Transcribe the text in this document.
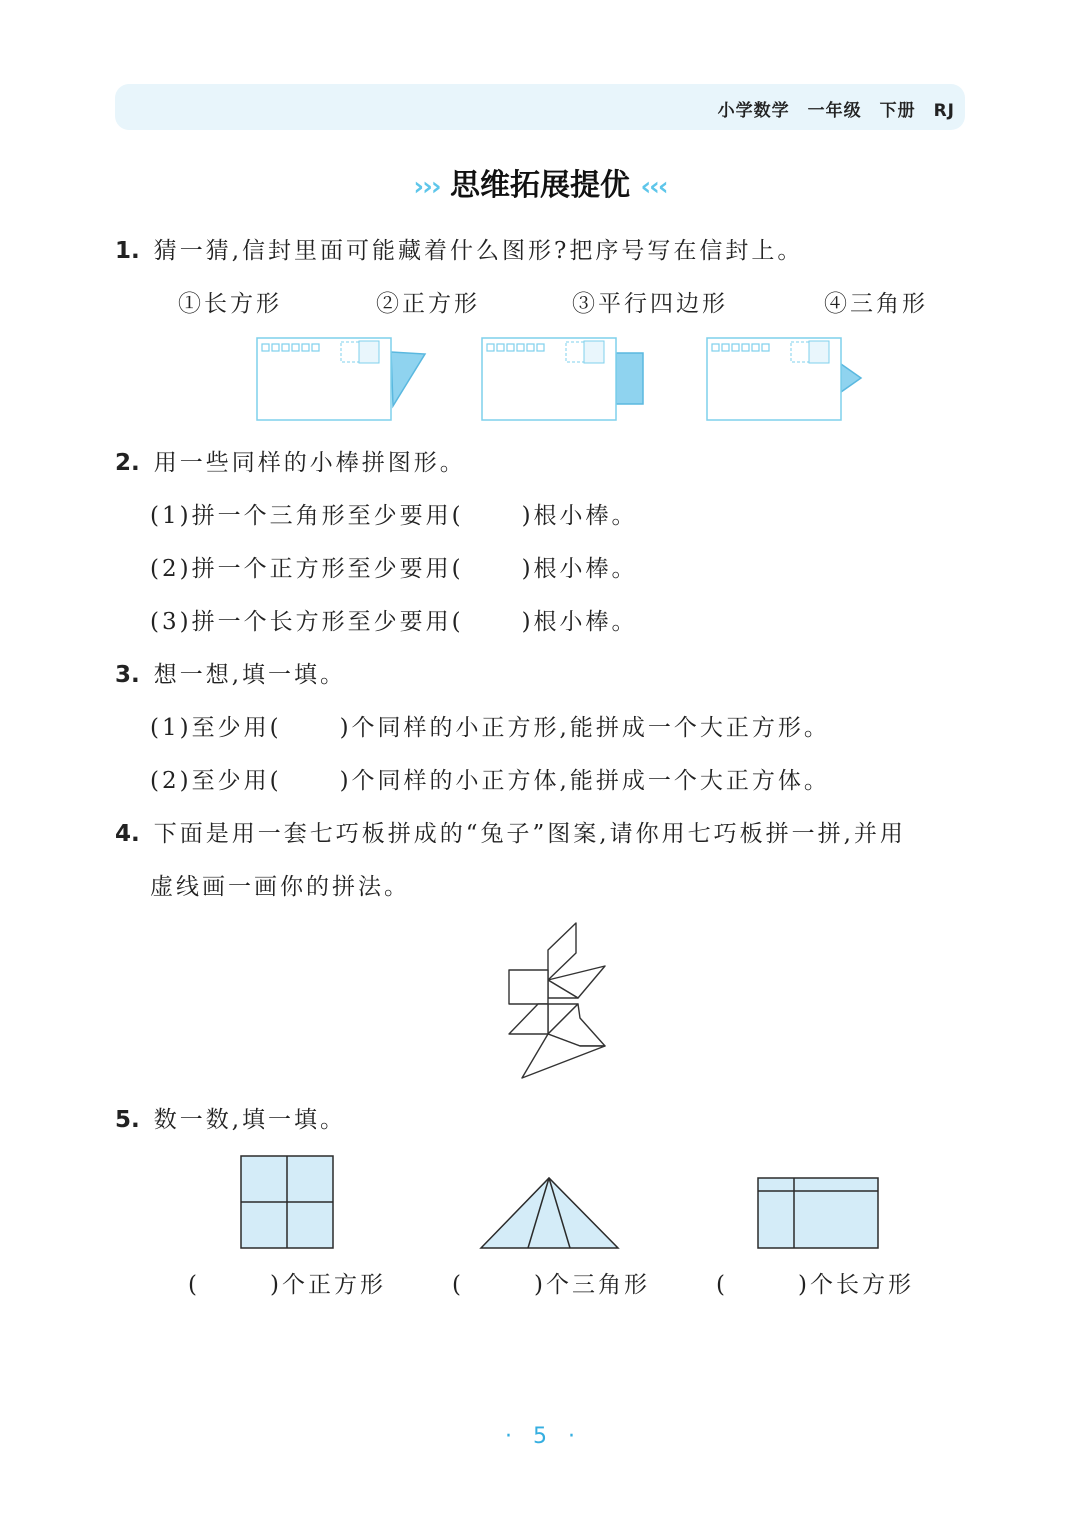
小学数学 一年级 下册 RJ
››› 思维拓展提优 ‹‹‹
1. 猜一猜,信封里面可能藏着什么图形?把序号写在信封上。
①长方形	②正方形	③平行四边形	④三角形
2. 用一些同样的小棒拼图形。
(1)拼一个三角形至少要用(	)根小棒。
(2)拼一个正方形至少要用(	)根小棒。
(3)拼一个长方形至少要用(	)根小棒。
3. 想一想,填一填。
(1)至少用(	)个同样的小正方形,能拼成一个大正方形。
(2)至少用(	)个同样的小正方体,能拼成一个大正方体。
4. 下面是用一套七巧板拼成的“兔子”图案,请你用七巧板拼一拼,并用
虚线画一画你的拼法。
5. 数一数,填一填。
(	)个正方形	(	)个三角形	(	)个长方形
· 5 ·
